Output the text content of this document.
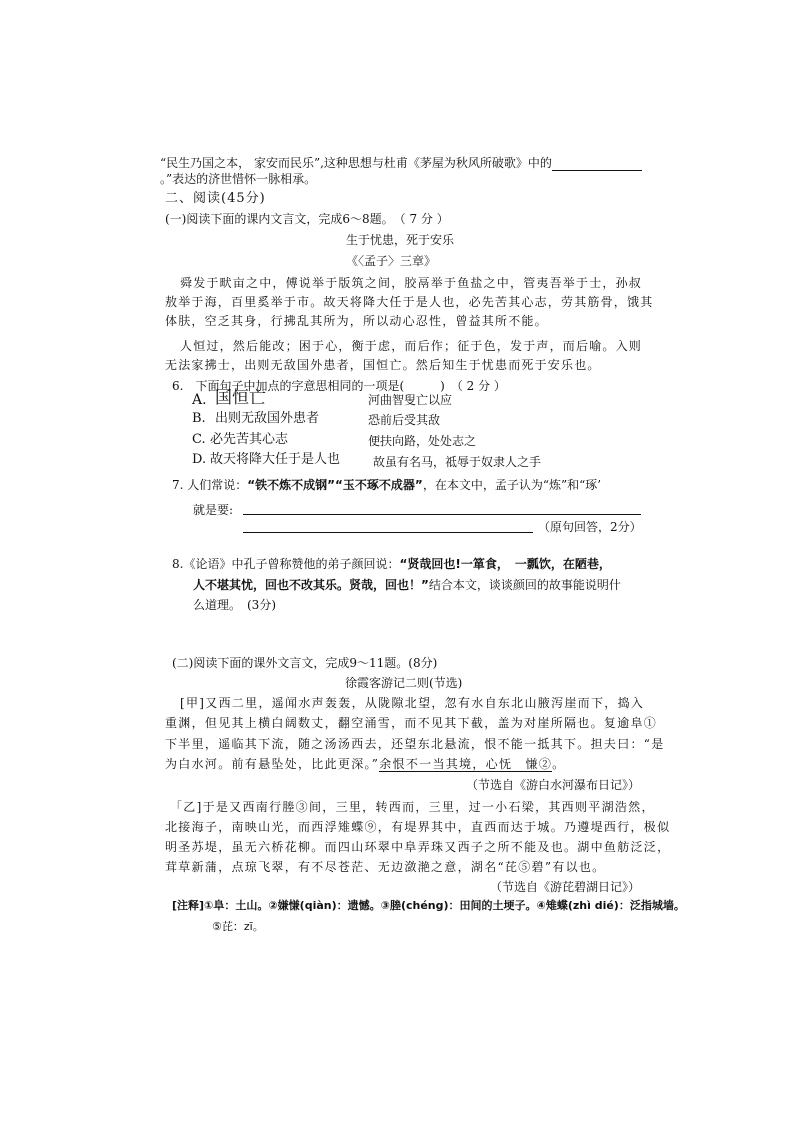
“民生乃国之本， 家安而民乐”,这种思想与杜甫《茅屋为秋风所破歌》中的
。”表达的济世惜怀一脉相承。
二、阅读(45分)
(一)阅读下面的课内文言文，完成6～8题。　（ 7 分 ）
生于忧患，死于安乐
《〈孟子〉三章》
舜发于畎亩之中，傅说举于版筑之间，胶鬲举于鱼盐之中，管夷吾举于士，孙叔
敖举于海，百里奚举于市。故天将降大任于是人也，必先苦其心志，劳其筋骨，饿其
体肤，空乏其身，行拂乱其所为，所以动心忍性，曾益其所不能。
人恒过，然后能改；困于心，衡于虑，而后作；征于色，发于声，而后喻。入则
无法家拂士，出则无敌国外患者，国恒亡。然后知生于忧患而死于安乐也。
6.　下面句子中加点的字意思相同的一项是(　　　)　（ 2 分 ）
A. 国恒亡	河曲智叟亡以应
B. 出则无敌国外患者	恐前后受其敌
C. 必先苦其心志	便扶向路，处处志之
D. 故天将降大任于是人也	故虽有名马，祗辱于奴隶人之手
7. 人们常说：“铁不炼不成钢”“玉不琢不成器”，在本文中，孟子认为“炼”和“琢’
就是要:
（原句回答，2分）
8.《论语》中孔子曾称赞他的弟子颜回说：“贤哉回也!一箪食，　一瓢饮，在陋巷，
人不堪其忧，回也不改其乐。贤哉，回也！”结合本文，谈谈颜回的故事能说明什
么道理。　(3分)
(二)阅读下面的课外文言文，完成9～11题。(8分)
徐霞客游记二则(节选)
[甲]又西二里，遥闻水声轰轰，从陇隙北望，忽有水自东北山腋泻崖而下，捣入
重渊，但见其上横白阔数丈，翻空涌雪，而不见其下截，盖为对崖所隔也。复逾阜①
下半里，遥临其下流，随之汤汤西去，还望东北悬流，恨不能一抵其下。担夫曰：“是
为白水河。前有悬坠处，比此更深。”余恨不一当其境，心怃　慊②。
（节选自《游白水河瀑布日记》）
「乙]于是又西南行塍③间，三里，转西而，三里，过一小石梁，其西则平湖浩然，
北接海子，南映山光，而西浮雉蝶⑨，有堤界其中，直西而达于城。乃遵堤西行，极似
明圣苏堤，虽无六桥花柳。而四山环翠中阜弄珠又西子之所不能及也。湖中鱼舫泛泛，
茸草新蒲，点琼飞翠，有不尽苍茫、无边潋滟之意，湖名“芘⑤碧”有以也。
（节选自《游芘碧湖日记》）
[注释]①阜：土山。②嫌慊(qiàn)：遗憾。③塍(chéng)：田间的土埂子。④雉蝶(zhì dié)：泛指城墙。
⑤芘：zī。
